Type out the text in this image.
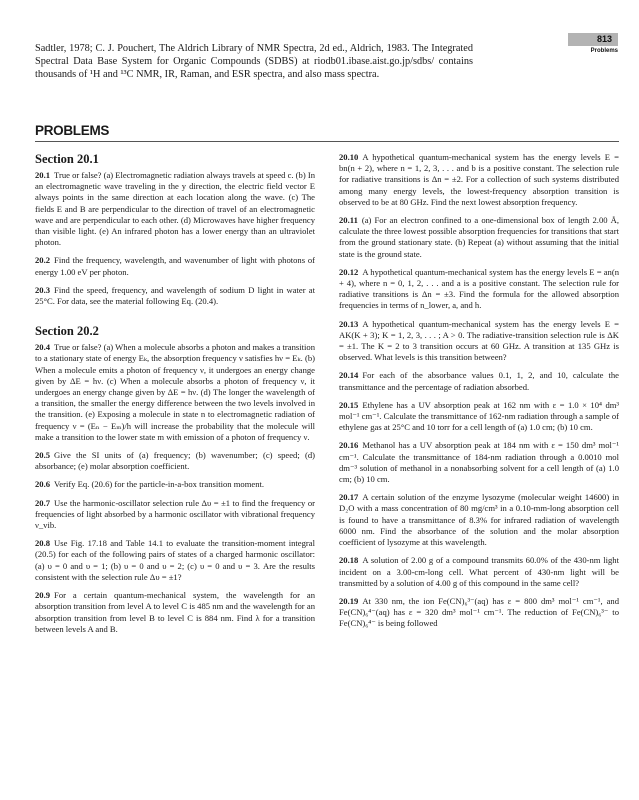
813
Problems

Sadtler, 1978; C. J. Pouchert, The Aldrich Library of NMR Spectra, 2d ed., Aldrich, 1983. The Integrated Spectral Data Base System for Organic Compounds (SDBS) at riodb01.ibase.aist.go.jp/sdbs/ contains thousands of ¹H and ¹³C NMR, IR, Raman, and ESR spectra, and also mass spectra.

PROBLEMS
Section 20.1

20.1 True or false? (a) Electromagnetic radiation always travels at speed c. (b) In an electromagnetic wave traveling in the y direction, the electric field vector E always points in the same direction at each location along the wave. (c) The fields E and B are perpendicular to the direction of travel of an electromagnetic wave and are perpendicular to each other. (d) Microwaves have higher frequency than visible light. (e) An infrared photon has a lower energy than an ultraviolet photon.

20.2 Find the frequency, wavelength, and wavenumber of light with photons of energy 1.00 eV per photon.

20.3 Find the speed, frequency, and wavelength of sodium D light in water at 25°C. For data, see the material following Eq. (20.4).

Section 20.2

20.4 True or false? (a) When a molecule absorbs a photon and makes a transition to a stationary state of energy Eₖ, the absorption frequency ν satisfies hν = Eₖ. (b) When a molecule emits a photon of frequency ν, it undergoes an energy change given by ΔE = hν. (c) When a molecule absorbs a photon of frequency ν, it undergoes an energy change given by ΔE = hν. (d) The longer the wavelength of a transition, the smaller the energy difference between the two levels involved in the transition. (e) Exposing a molecule in state n to electromagnetic radiation of frequency ν = (Eₙ − Eₘ)/h will increase the probability that the molecule will make a transition to the lower state m with emission of a photon of frequency ν.

20.5 Give the SI units of (a) frequency; (b) wavenumber; (c) speed; (d) absorbance; (e) molar absorption coefficient.

20.6 Verify Eq. (20.6) for the particle-in-a-box transition moment.

20.7 Use the harmonic-oscillator selection rule Δυ = ±1 to find the frequency or frequencies of light absorbed by a harmonic oscillator with vibrational frequency ν_vib.

20.8 Use Fig. 17.18 and Table 14.1 to evaluate the transition-moment integral (20.5) for each of the following pairs of states of a charged harmonic oscillator: (a) υ = 0 and υ = 1; (b) υ = 0 and υ = 2; (c) υ = 0 and υ = 3. Are the results consistent with the selection rule Δυ = ±1?

20.9 For a certain quantum-mechanical system, the wavelength for an absorption transition from level A to level C is 485 nm and the wavelength for an absorption transition from level B to level C is 884 nm. Find λ for a transition between levels A and B.

20.10 A hypothetical quantum-mechanical system has the energy levels E = bn(n + 2), where n = 1, 2, 3, . . . and b is a positive constant. The selection rule for radiative transitions is Δn = ±2. For a collection of such systems distributed among many energy levels, the lowest-frequency absorption transition is observed to be at 80 GHz. Find the next lowest absorption frequency.

20.11 (a) For an electron confined to a one-dimensional box of length 2.00 Å, calculate the three lowest possible absorption frequencies for transitions that start from the ground stationary state. (b) Repeat (a) without assuming that the initial state is the ground state.

20.12 A hypothetical quantum-mechanical system has the energy levels E = an(n + 4), where n = 0, 1, 2, . . . and a is a positive constant. The selection rule for radiative transitions is Δn = ±3. Find the formula for the allowed absorption frequencies in terms of n_lower, a, and h.

20.13 A hypothetical quantum-mechanical system has the energy levels E = AK(K + 3); K = 1, 2, 3, . . . ; A > 0. The radiative-transition selection rule is ΔK = ±1. The K = 2 to 3 transition occurs at 60 GHz. A transition at 135 GHz is observed. What levels is this transition between?

20.14 For each of the absorbance values 0.1, 1, 2, and 10, calculate the transmittance and the percentage of radiation absorbed.

20.15 Ethylene has a UV absorption peak at 162 nm with ε = 1.0 × 10⁴ dm³ mol⁻¹ cm⁻¹. Calculate the transmittance of 162-nm radiation through a sample of ethylene gas at 25°C and 10 torr for a cell length of (a) 1.0 cm; (b) 10 cm.

20.16 Methanol has a UV absorption peak at 184 nm with ε = 150 dm³ mol⁻¹ cm⁻¹. Calculate the transmittance of 184-nm radiation through a 0.0010 mol dm⁻³ solution of methanol in a nonabsorbing solvent for a cell length of (a) 1.0 cm; (b) 10 cm.

20.17 A certain solution of the enzyme lysozyme (molecular weight 14600) in D₂O with a mass concentration of 80 mg/cm³ in a 0.10-mm-long absorption cell is found to have a transmittance of 8.3% for infrared radiation of wavelength 6000 nm. Find the absorbance of the solution and the molar absorption coefficient of lysozyme at this wavelength.

20.18 A solution of 2.00 g of a compound transmits 60.0% of the 430-nm light incident on a 3.00-cm-long cell. What percent of 430-nm light will be transmitted by a solution of 4.00 g of this compound in the same cell?

20.19 At 330 nm, the ion Fe(CN)₆³⁻(aq) has ε = 800 dm³ mol⁻¹ cm⁻¹, and Fe(CN)₆⁴⁻(aq) has ε = 320 dm³ mol⁻¹ cm⁻¹. The reduction of Fe(CN)₆³⁻ to Fe(CN)₆⁴⁻ is being followed
